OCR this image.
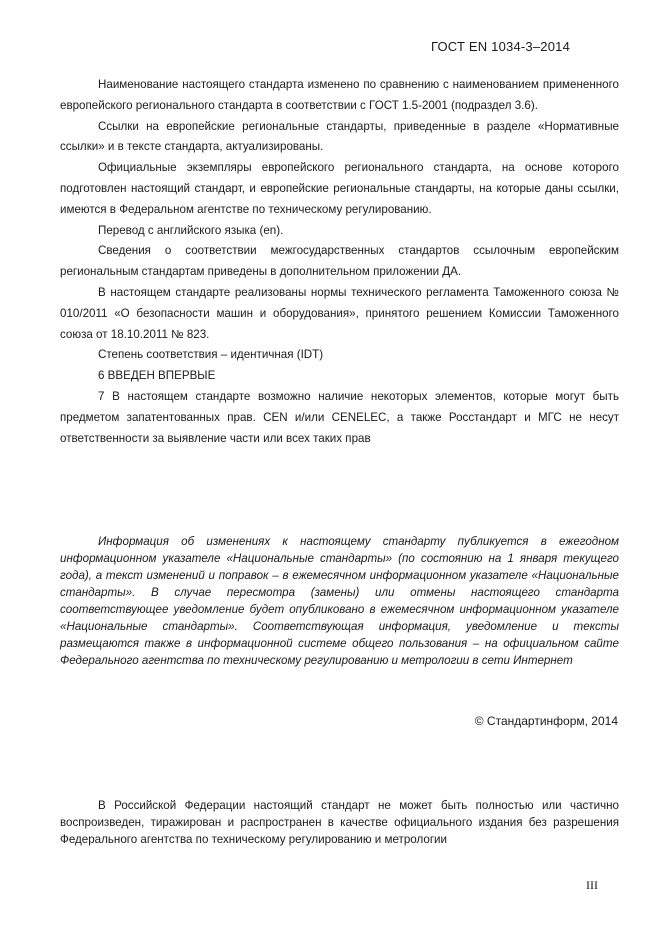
ГОСТ EN 1034-3–2014

Наименование настоящего стандарта изменено по сравнению с наименованием примененного европейского регионального стандарта в соответствии с ГОСТ 1.5-2001 (подраздел 3.6).

Ссылки на европейские региональные стандарты, приведенные в разделе «Нормативные ссылки» и в тексте стандарта, актуализированы.

Официальные экземпляры европейского регионального стандарта, на основе которого подготовлен настоящий стандарт, и европейские региональные стандарты, на которые даны ссылки, имеются в Федеральном агентстве по техническому регулированию.

Перевод с английского языка (en).

Сведения о соответствии межгосударственных стандартов ссылочным европейским региональным стандартам приведены в дополнительном приложении ДА.

В настоящем стандарте реализованы нормы технического регламента Таможенного союза № 010/2011 «О безопасности машин и оборудования», принятого решением Комиссии Таможенного союза от 18.10.2011 № 823.

Степень соответствия – идентичная (IDT)

6 ВВЕДЕН ВПЕРВЫЕ

7 В настоящем стандарте возможно наличие некоторых элементов, которые могут быть предметом запатентованных прав. CEN и/или CENELEC, а также Росстандарт и МГС не несут ответственности за выявление части или всех таких прав

Информация об изменениях к настоящему стандарту публикуется в ежегодном информационном указателе «Национальные стандарты» (по состоянию на 1 января текущего года), а текст изменений и поправок – в ежемесячном информационном указателе «Национальные стандарты». В случае пересмотра (замены) или отмены настоящего стандарта соответствующее уведомление будет опубликовано в ежемесячном информационном указателе «Национальные стандарты». Соответствующая информация, уведомление и тексты размещаются также в информационной системе общего пользования – на официальном сайте Федерального агентства по техническому регулированию и метрологии в сети Интернет

© Стандартинформ, 2014

В Российской Федерации настоящий стандарт не может быть полностью или частично воспроизведен, тиражирован и распространен в качестве официального издания без разрешения Федерального агентства по техническому регулированию и метрологии

III
